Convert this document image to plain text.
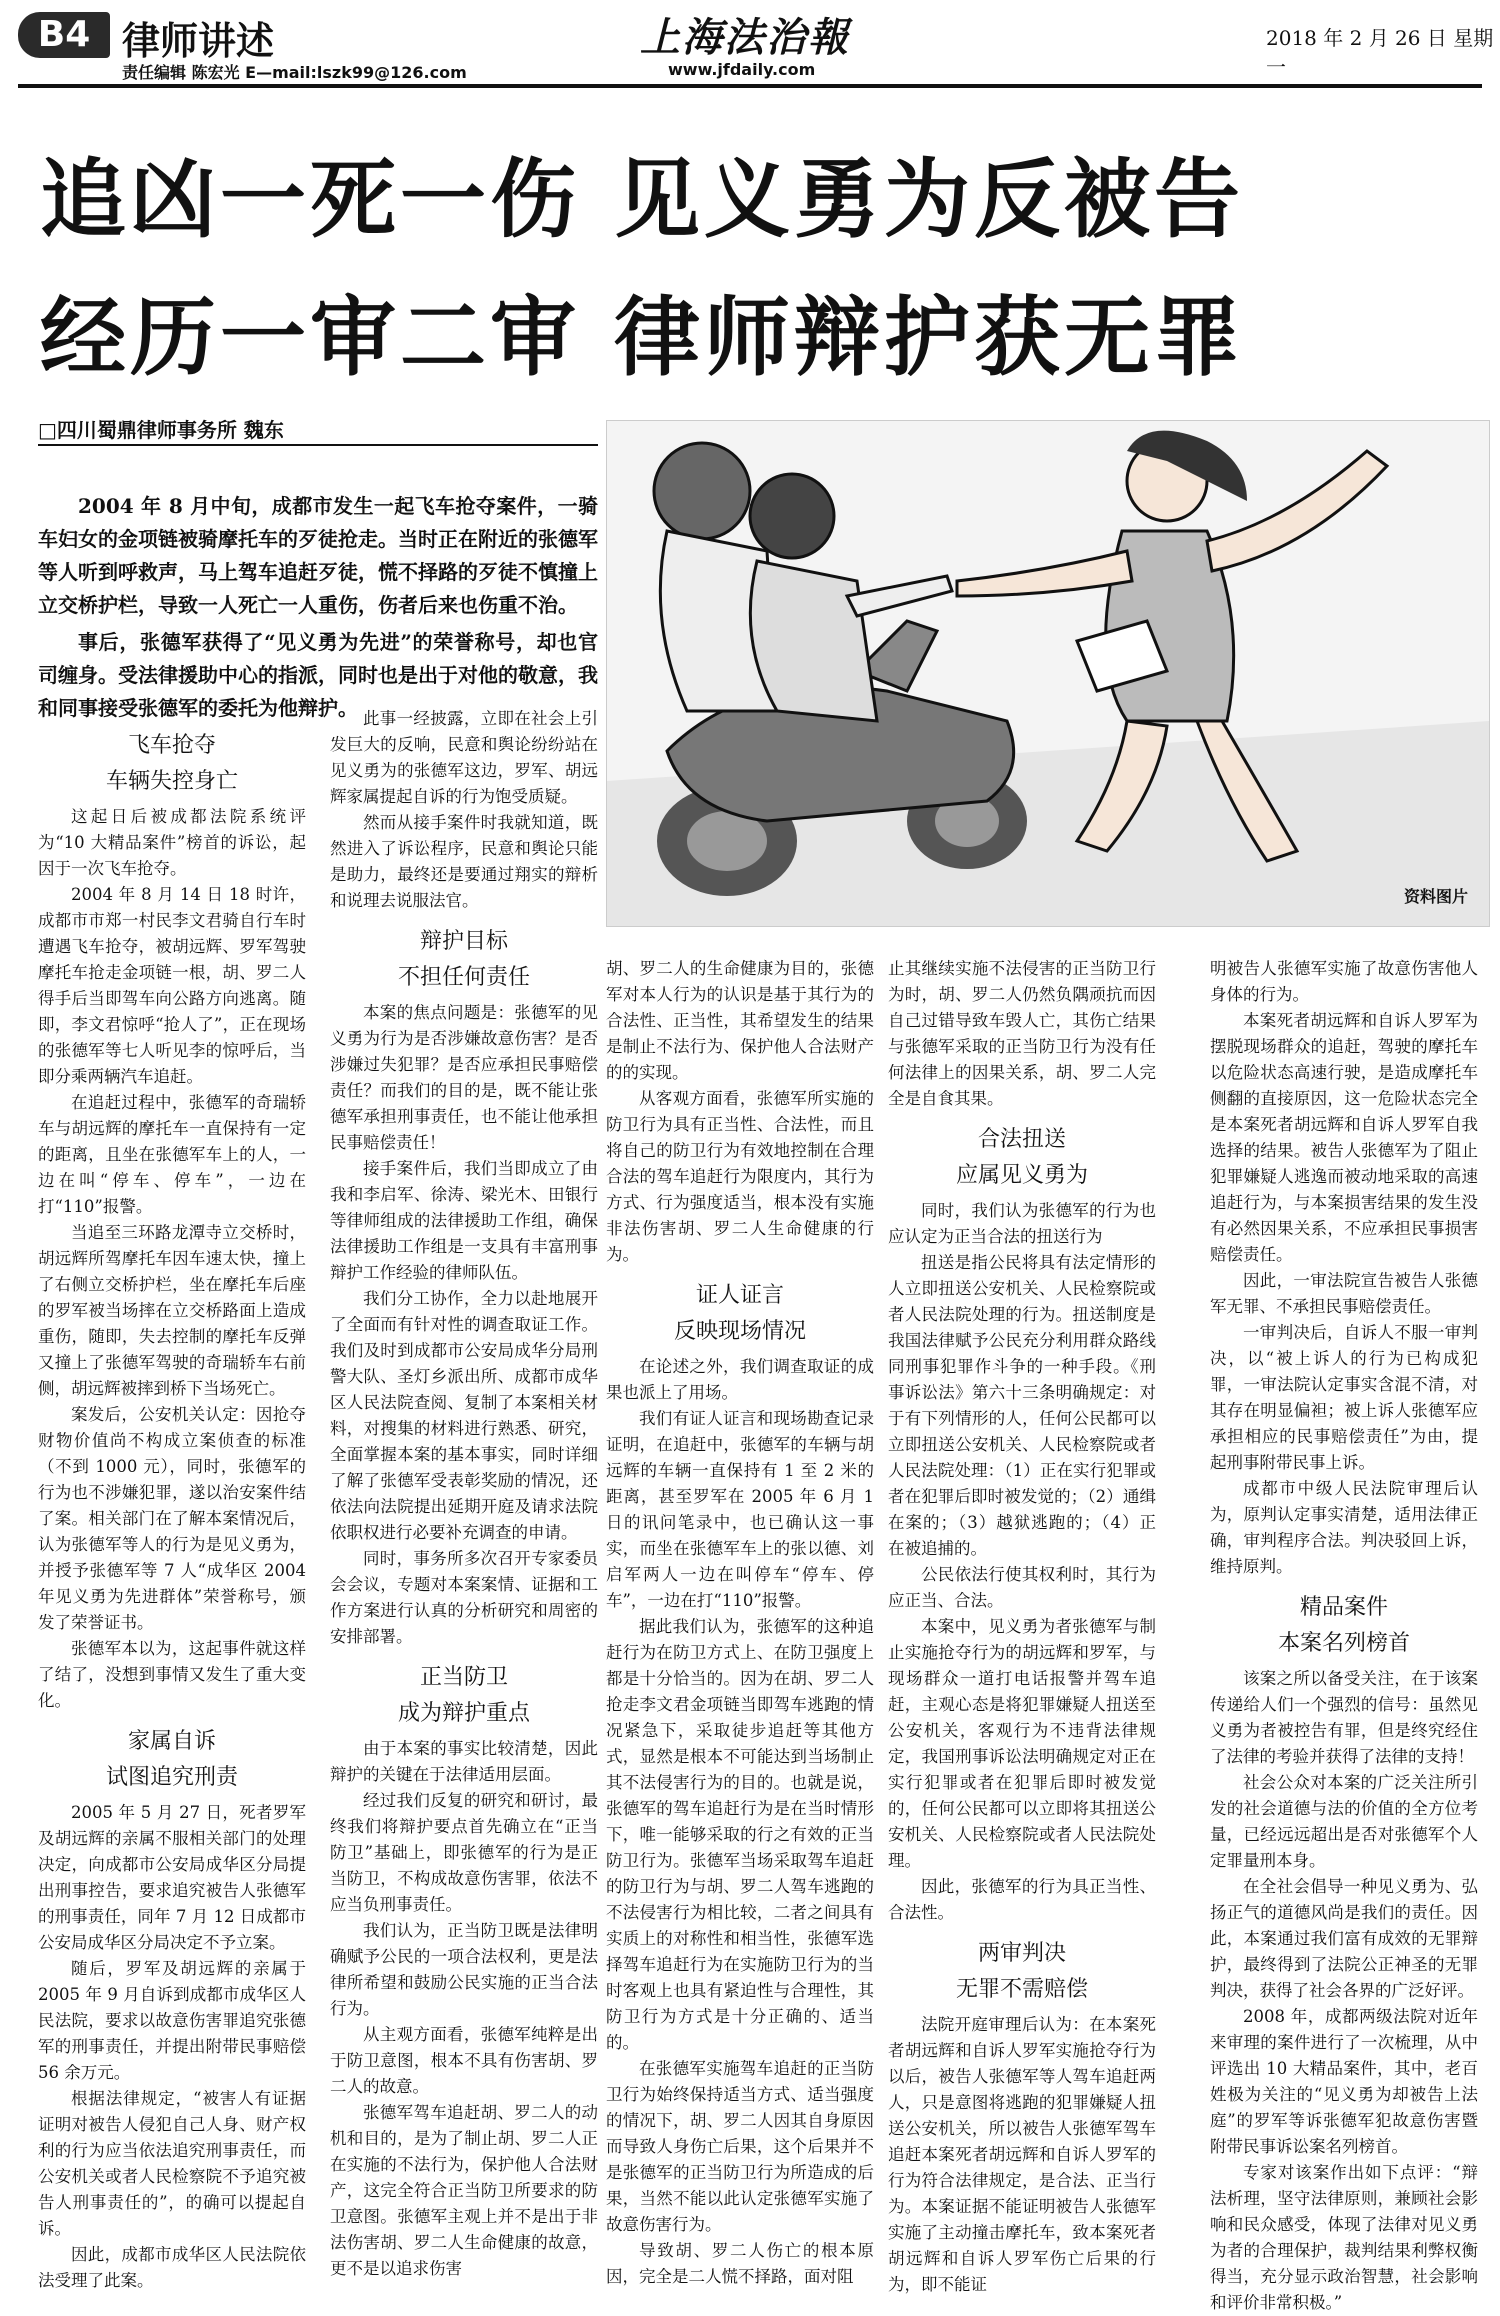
B4 律师讲述
责任编辑 陈宏光 E—mail:lszk99@126.com
上海法治報
www.jfdaily.com
2018 年 2 月 26 日 星期一
追凶一死一伤 见义勇为反被告
经历一审二审 律师辩护获无罪
□四川蜀鼎律师事务所 魏东

2004 年 8 月中旬，成都市发生一起飞车抢夺案件，一骑车妇女的金项链被骑摩托车的歹徒抢走。当时正在附近的张德军等人听到呼救声，马上驾车追赶歹徒，慌不择路的歹徒不慎撞上立交桥护栏，导致一人死亡一人重伤，伤者后来也伤重不治。

事后，张德军获得了“见义勇为先进”的荣誉称号，却也官司缠身。受法律援助中心的指派，同时也是出于对他的敬意，我和同事接受张德军的委托为他辩护。

资料图片
飞车抢夺
车辆失控身亡

这起日后被成都法院系统评为“10 大精品案件”榜首的诉讼，起因于一次飞车抢夺。

2004 年 8 月 14 日 18 时许，成都市市郑一村民李文君骑自行车时遭遇飞车抢夺，被胡远辉、罗军驾驶摩托车抢走金项链一根，胡、罗二人得手后当即驾车向公路方向逃离。随即，李文君惊呼“抢人了”，正在现场的张德军等七人听见李的惊呼后，当即分乘两辆汽车追赶。

在追赶过程中，张德军的奇瑞轿车与胡远辉的摩托车一直保持有一定的距离，且坐在张德军车上的人，一边在叫“停车、停车”，一边在打“110”报警。

当追至三环路龙潭寺立交桥时，胡远辉所驾摩托车因车速太快，撞上了右侧立交桥护栏，坐在摩托车后座的罗军被当场摔在立交桥路面上造成重伤，随即，失去控制的摩托车反弹又撞上了张德军驾驶的奇瑞轿车右前侧，胡远辉被摔到桥下当场死亡。

案发后，公安机关认定：因抢夺财物价值尚不构成立案侦查的标准（不到 1000 元），同时，张德军的行为也不涉嫌犯罪，遂以治安案件结了案。相关部门在了解本案情况后，认为张德军等人的行为是见义勇为，并授予张德军等 7 人“成华区 2004 年见义勇为先进群体”荣誉称号，颁发了荣誉证书。

张德军本以为，这起事件就这样了结了，没想到事情又发生了重大变化。

家属自诉
试图追究刑责

2005 年 5 月 27 日，死者罗军及胡远辉的亲属不服相关部门的处理决定，向成都市公安局成华区分局提出刑事控告，要求追究被告人张德军的刑事责任，同年 7 月 12 日成都市公安局成华区分局决定不予立案。

随后，罗军及胡远辉的亲属于 2005 年 9 月自诉到成都市成华区人民法院，要求以故意伤害罪追究张德军的刑事责任，并提出附带民事赔偿 56 余万元。

根据法律规定，“被害人有证据证明对被告人侵犯自己人身、财产权利的行为应当依法追究刑事责任，而公安机关或者人民检察院不予追究被告人刑事责任的”，的确可以提起自诉。

因此，成都市成华区人民法院依法受理了此案。

此事一经披露，立即在社会上引发巨大的反响，民意和舆论纷纷站在见义勇为的张德军这边，罗军、胡远辉家属提起自诉的行为饱受质疑。

然而从接手案件时我就知道，既然进入了诉讼程序，民意和舆论只能是助力，最终还是要通过翔实的辩析和说理去说服法官。

辩护目标
不担任何责任

本案的焦点问题是：张德军的见义勇为行为是否涉嫌故意伤害？是否涉嫌过失犯罪？是否应承担民事赔偿责任？而我们的目的是，既不能让张德军承担刑事责任，也不能让他承担民事赔偿责任！

接手案件后，我们当即成立了由我和李启军、徐涛、梁光木、田银行等律师组成的法律援助工作组，确保法律援助工作组是一支具有丰富刑事辩护工作经验的律师队伍。

我们分工协作，全力以赴地展开了全面而有针对性的调查取证工作。我们及时到成都市公安局成华分局刑警大队、圣灯乡派出所、成都市成华区人民法院查阅、复制了本案相关材料，对搜集的材料进行熟悉、研究，全面掌握本案的基本事实，同时详细了解了张德军受表彰奖励的情况，还依法向法院提出延期开庭及请求法院依职权进行必要补充调查的申请。

同时，事务所多次召开专家委员会会议，专题对本案案情、证据和工作方案进行认真的分析研究和周密的安排部署。

正当防卫
成为辩护重点

由于本案的事实比较清楚，因此辩护的关键在于法律适用层面。

经过我们反复的研究和研讨，最终我们将辩护要点首先确立在“正当防卫”基础上，即张德军的行为是正当防卫，不构成故意伤害罪，依法不应当负刑事责任。

我们认为，正当防卫既是法律明确赋予公民的一项合法权利，更是法律所希望和鼓励公民实施的正当合法行为。

从主观方面看，张德军纯粹是出于防卫意图，根本不具有伤害胡、罗二人的故意。

张德军驾车追赶胡、罗二人的动机和目的，是为了制止胡、罗二人正在实施的不法行为，保护他人合法财产，这完全符合正当防卫所要求的防卫意图。张德军主观上并不是出于非法伤害胡、罗二人生命健康的故意，更不是以追求伤害

胡、罗二人的生命健康为目的，张德军对本人行为的认识是基于其行为的合法性、正当性，其希望发生的结果是制止不法行为、保护他人合法财产的的实现。

从客观方面看，张德军所实施的防卫行为具有正当性、合法性，而且将自己的防卫行为有效地控制在合理合法的驾车追赶行为限度内，其行为方式、行为强度适当，根本没有实施非法伤害胡、罗二人生命健康的行为。

证人证言
反映现场情况

在论述之外，我们调查取证的成果也派上了用场。

我们有证人证言和现场勘查记录证明，在追赶中，张德军的车辆与胡远辉的车辆一直保持有 1 至 2 米的距离，甚至罗军在 2005 年 6 月 1 日的讯问笔录中，也已确认这一事实，而坐在张德军车上的张以德、刘启军两人一边在叫停车“停车、停车”，一边在打“110”报警。

据此我们认为，张德军的这种追赶行为在防卫方式上、在防卫强度上都是十分恰当的。因为在胡、罗二人抢走李文君金项链当即驾车逃跑的情况紧急下，采取徒步追赶等其他方式，显然是根本不可能达到当场制止其不法侵害行为的目的。也就是说，张德军的驾车追赶行为是在当时情形下，唯一能够采取的行之有效的正当防卫行为。张德军当场采取驾车追赶的防卫行为与胡、罗二人驾车逃跑的不法侵害行为相比较，二者之间具有实质上的对称性和相当性，张德军选择驾车追赶行为在实施防卫行为的当时客观上也具有紧迫性与合理性，其防卫行为方式是十分正确的、适当的。

在张德军实施驾车追赶的正当防卫行为始终保持适当方式、适当强度的情况下，胡、罗二人因其自身原因而导致人身伤亡后果，这个后果并不是张德军的正当防卫行为所造成的后果，当然不能以此认定张德军实施了故意伤害行为。

导致胡、罗二人伤亡的根本原因，完全是二人慌不择路，面对阻

止其继续实施不法侵害的正当防卫行为时，胡、罗二人仍然负隅顽抗而因自己过错导致车毁人亡，其伤亡结果与张德军采取的正当防卫行为没有任何法律上的因果关系，胡、罗二人完全是自食其果。

合法扭送
应属见义勇为

同时，我们认为张德军的行为也应认定为正当合法的扭送行为

扭送是指公民将具有法定情形的人立即扭送公安机关、人民检察院或者人民法院处理的行为。扭送制度是我国法律赋予公民充分利用群众路线同刑事犯罪作斗争的一种手段。《刑事诉讼法》第六十三条明确规定：对于有下列情形的人，任何公民都可以立即扭送公安机关、人民检察院或者人民法院处理：（1）正在实行犯罪或者在犯罪后即时被发觉的；（2）通缉在案的；（3）越狱逃跑的；（4）正在被追捕的。

公民依法行使其权利时，其行为应正当、合法。

本案中，见义勇为者张德军与制止实施抢夺行为的胡远辉和罗军，与现场群众一道打电话报警并驾车追赶，主观心态是将犯罪嫌疑人扭送至公安机关，客观行为不违背法律规定，我国刑事诉讼法明确规定对正在实行犯罪或者在犯罪后即时被发觉的，任何公民都可以立即将其扭送公安机关、人民检察院或者人民法院处理。

因此，张德军的行为具正当性、合法性。

两审判决
无罪不需赔偿

法院开庭审理后认为：在本案死者胡远辉和自诉人罗军实施抢夺行为以后，被告人张德军等人驾车追赶两人，只是意图将逃跑的犯罪嫌疑人扭送公安机关，所以被告人张德军驾车追赶本案死者胡远辉和自诉人罗军的行为符合法律规定，是合法、正当行为。本案证据不能证明被告人张德军实施了主动撞击摩托车，致本案死者胡远辉和自诉人罗军伤亡后果的行为，即不能证

明被告人张德军实施了故意伤害他人身体的行为。

本案死者胡远辉和自诉人罗军为摆脱现场群众的追赶，驾驶的摩托车以危险状态高速行驶，是造成摩托车侧翻的直接原因，这一危险状态完全是本案死者胡远辉和自诉人罗军自我选择的结果。被告人张德军为了阻止犯罪嫌疑人逃逸而被动地采取的高速追赶行为，与本案损害结果的发生没有必然因果关系，不应承担民事损害赔偿责任。

因此，一审法院宣告被告人张德军无罪、不承担民事赔偿责任。

一审判决后，自诉人不服一审判决，以“被上诉人的行为已构成犯罪，一审法院认定事实含混不清，对其存在明显偏袒；被上诉人张德军应承担相应的民事赔偿责任”为由，提起刑事附带民事上诉。

成都市中级人民法院审理后认为，原判认定事实清楚，适用法律正确，审判程序合法。判决驳回上诉，维持原判。

精品案件
本案名列榜首

该案之所以备受关注，在于该案传递给人们一个强烈的信号：虽然见义勇为者被控告有罪，但是终究经住了法律的考验并获得了法律的支持！

社会公众对本案的广泛关注所引发的社会道德与法的价值的全方位考量，已经远远超出是否对张德军个人定罪量刑本身。

在全社会倡导一种见义勇为、弘扬正气的道德风尚是我们的责任。因此，本案通过我们富有成效的无罪辩护，最终得到了法院公正神圣的无罪判决，获得了社会各界的广泛好评。

2008 年，成都两级法院对近年来审理的案件进行了一次梳理，从中评选出 10 大精品案件，其中，老百姓极为关注的“见义勇为却被告上法庭”的罗军等诉张德军犯故意伤害暨附带民事诉讼案名列榜首。

专家对该案作出如下点评：“辩法析理，坚守法律原则，兼顾社会影响和民众感受，体现了法律对见义勇为者的合理保护，裁判结果利弊权衡得当，充分显示政治智慧，社会影响和评价非常积极。”
